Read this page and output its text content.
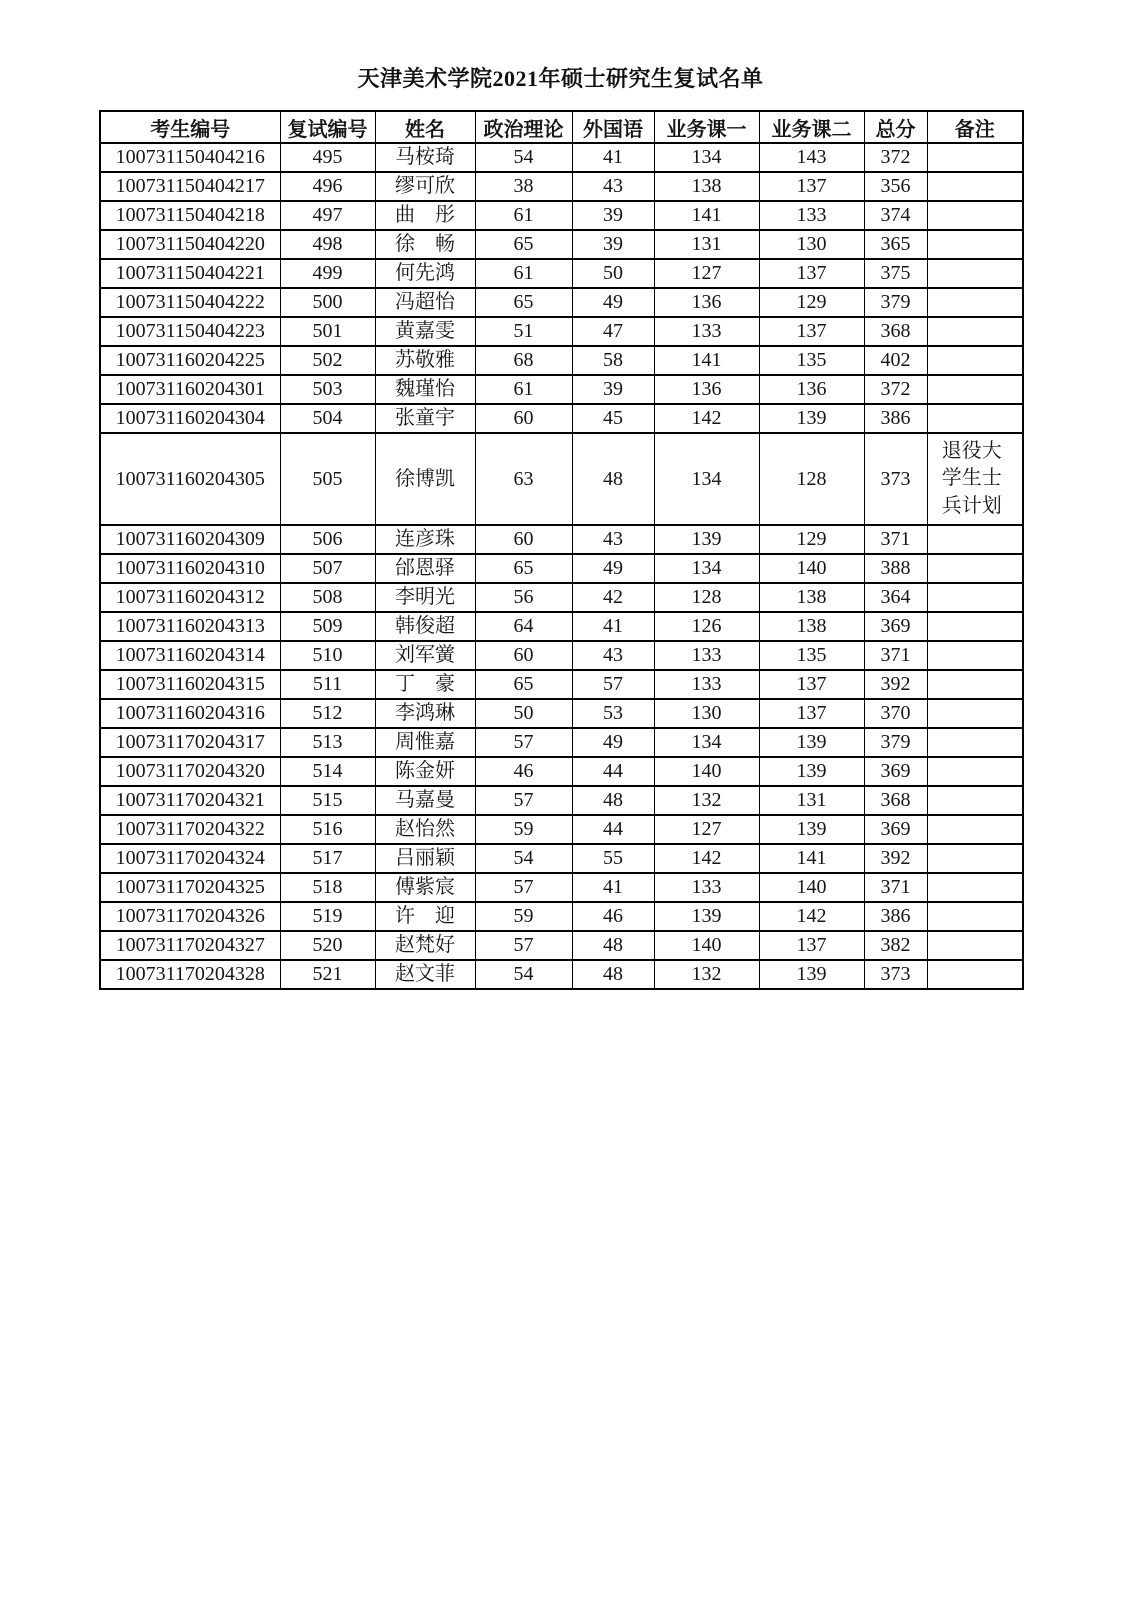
天津美术学院2021年硕士研究生复试名单
考生编号	复试编号	姓名	政治理论	外国语	业务课一	业务课二	总分	备注
100731150404216	495	马桉琦	54	41	134	143	372	
100731150404217	496	缪可欣	38	43	138	137	356	
100731150404218	497	曲彤	61	39	141	133	374	
100731150404220	498	徐畅	65	39	131	130	365	
100731150404221	499	何先鸿	61	50	127	137	375	
100731150404222	500	冯超怡	65	49	136	129	379	
100731150404223	501	黄嘉雯	51	47	133	137	368	
100731160204225	502	苏敬雅	68	58	141	135	402	
100731160204301	503	魏瑾怡	61	39	136	136	372	
100731160204304	504	张童宇	60	45	142	139	386	
100731160204305	505	徐博凯	63	48	134	128	373	退役大学生士兵计划
100731160204309	506	连彦珠	60	43	139	129	371	
100731160204310	507	邰恩驿	65	49	134	140	388	
100731160204312	508	李明光	56	42	128	138	364	
100731160204313	509	韩俊超	64	41	126	138	369	
100731160204314	510	刘军黉	60	43	133	135	371	
100731160204315	511	丁豪	65	57	133	137	392	
100731160204316	512	李鸿琳	50	53	130	137	370	
100731170204317	513	周惟嘉	57	49	134	139	379	
100731170204320	514	陈金妍	46	44	140	139	369	
100731170204321	515	马嘉曼	57	48	132	131	368	
100731170204322	516	赵怡然	59	44	127	139	369	
100731170204324	517	吕丽颖	54	55	142	141	392	
100731170204325	518	傅紫宸	57	41	133	140	371	
100731170204326	519	许迎	59	46	139	142	386	
100731170204327	520	赵梵好	57	48	140	137	382	
100731170204328	521	赵文菲	54	48	132	139	373	
